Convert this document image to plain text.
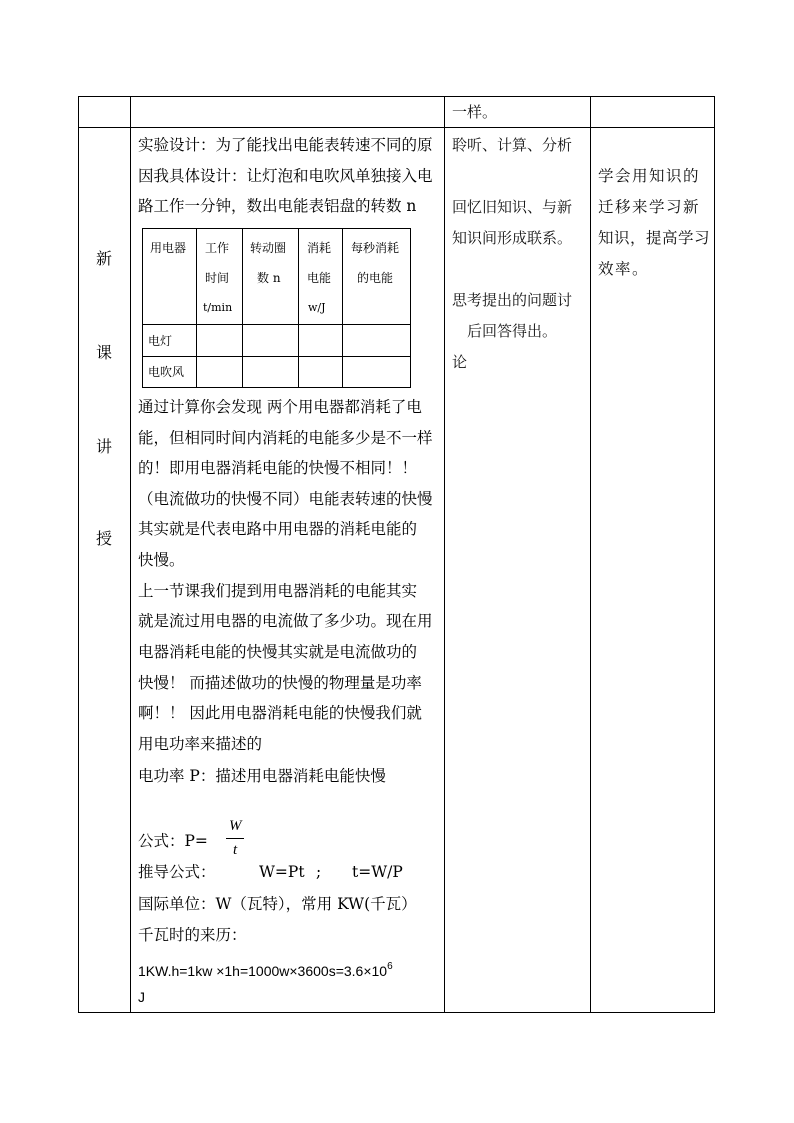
一样。
新
课
讲
授
实验设计：为了能找出电能表转速不同的原
因我具体设计：让灯泡和电吹风单独接入电
路工作一分钟，数出电能表铝盘的转数 n
用电器 工作
时间
t/min
转动圈
数 n
消耗
电能
w/J
每秒消耗
的电能
电灯
电吹风
通过计算你会发现 两个用电器都消耗了电
能，但相同时间内消耗的电能多少是不一样
的！即用电器消耗电能的快慢不相同！！
（电流做功的快慢不同）电能表转速的快慢
其实就是代表电路中用电器的消耗电能的
快慢。
上一节课我们提到用电器消耗的电能其实
就是流过用电器的电流做了多少功。现在用
电器消耗电能的快慢其实就是电流做功的
快慢！ 而描述做功的快慢的物理量是功率
啊！！ 因此用电器消耗电能的快慢我们就
用电功率来描述的
电功率 P：描述用电器消耗电能快慢
公式：P=
W
t
推导公式：	W=Pt ; t=W/P
国际单位：W（瓦特），常用 KW(千瓦）
千瓦时的来历：
$1KW.h=1kw \times 1h=1000w\times 3600s=3.6\times 10^6$
J
聆听、计算、分析
回忆旧知识、与新
知识间形成联系。
思考提出的问题讨
后回答得出。
论
学会用知识的
迁移来学习新
知识，提高学习
效率。
